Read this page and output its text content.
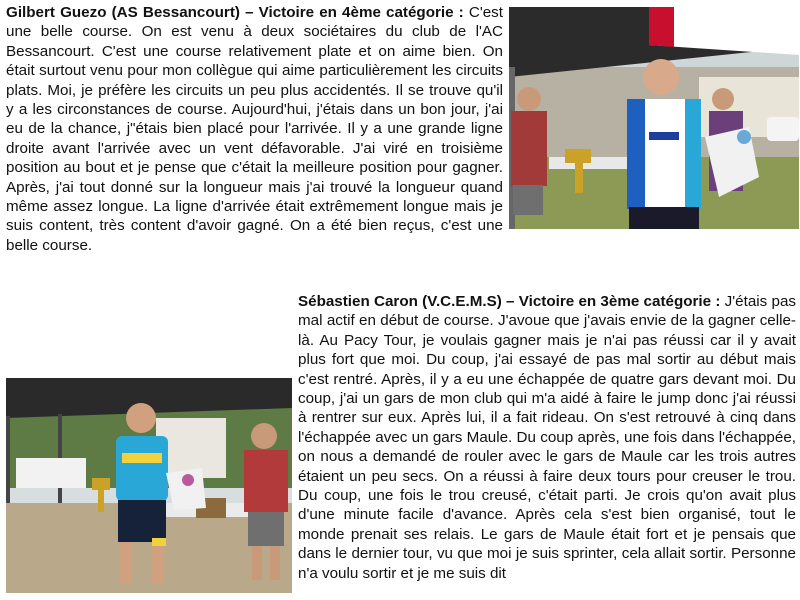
Gilbert Guezo (AS Bessancourt) – Victoire en 4ème catégorie : C'est une belle course. On est venu à deux sociétaires du club de l'AC Bessancourt. C'est une course relativement plate et on aime bien. On était surtout venu pour mon collègue qui aime particulièrement les circuits plats. Moi, je préfère les circuits un peu plus accidentés. Il se trouve qu'il y a les circonstances de course. Aujourd'hui, j'étais dans un bon jour, j'ai eu de la chance, j"étais bien placé pour l'arrivée. Il y a une grande ligne droite avant l'arrivée avec un vent défavorable. J'ai viré en troisième position au bout et je pense que c'était la meilleure position pour gagner. Après, j'ai tout donné sur la longueur mais j'ai trouvé la longueur quand même assez longue. La ligne d'arrivée était extrêmement longue mais je suis content, très content d'avoir gagné. On a été bien reçus, c'est une belle course.

Sébastien Caron (V.C.E.M.S) – Victoire en 3ème catégorie : J'étais pas mal actif en début de course. J'avoue que j'avais envie de la gagner celle-là. Au Pacy Tour, je voulais gagner mais je n'ai pas réussi car il y avait plus fort que moi. Du coup, j'ai essayé de pas mal sortir au début mais c'est rentré. Après, il y a eu une échappée de quatre gars devant moi. Du coup, j'ai un gars de mon club qui m'a aidé à faire le jump donc j'ai réussi à rentrer sur eux. Après lui, il a fait rideau. On s'est retrouvé à cinq dans l'échappée avec un gars Maule. Du coup après, une fois dans l'échappée, on nous a demandé de rouler avec le gars de Maule car les trois autres étaient un peu secs. On a réussi à faire deux tours pour creuser le trou. Du coup, une fois le trou creusé, c'était parti. Je crois qu'on avait plus d'une minute facile d'avance. Après cela s'est bien organisé, tout le monde prenait ses relais. Le gars de Maule était fort et je pensais que dans le dernier tour, vu que moi je suis sprinter, cela allait sortir. Personne n'a voulu sortir et je me suis dit
